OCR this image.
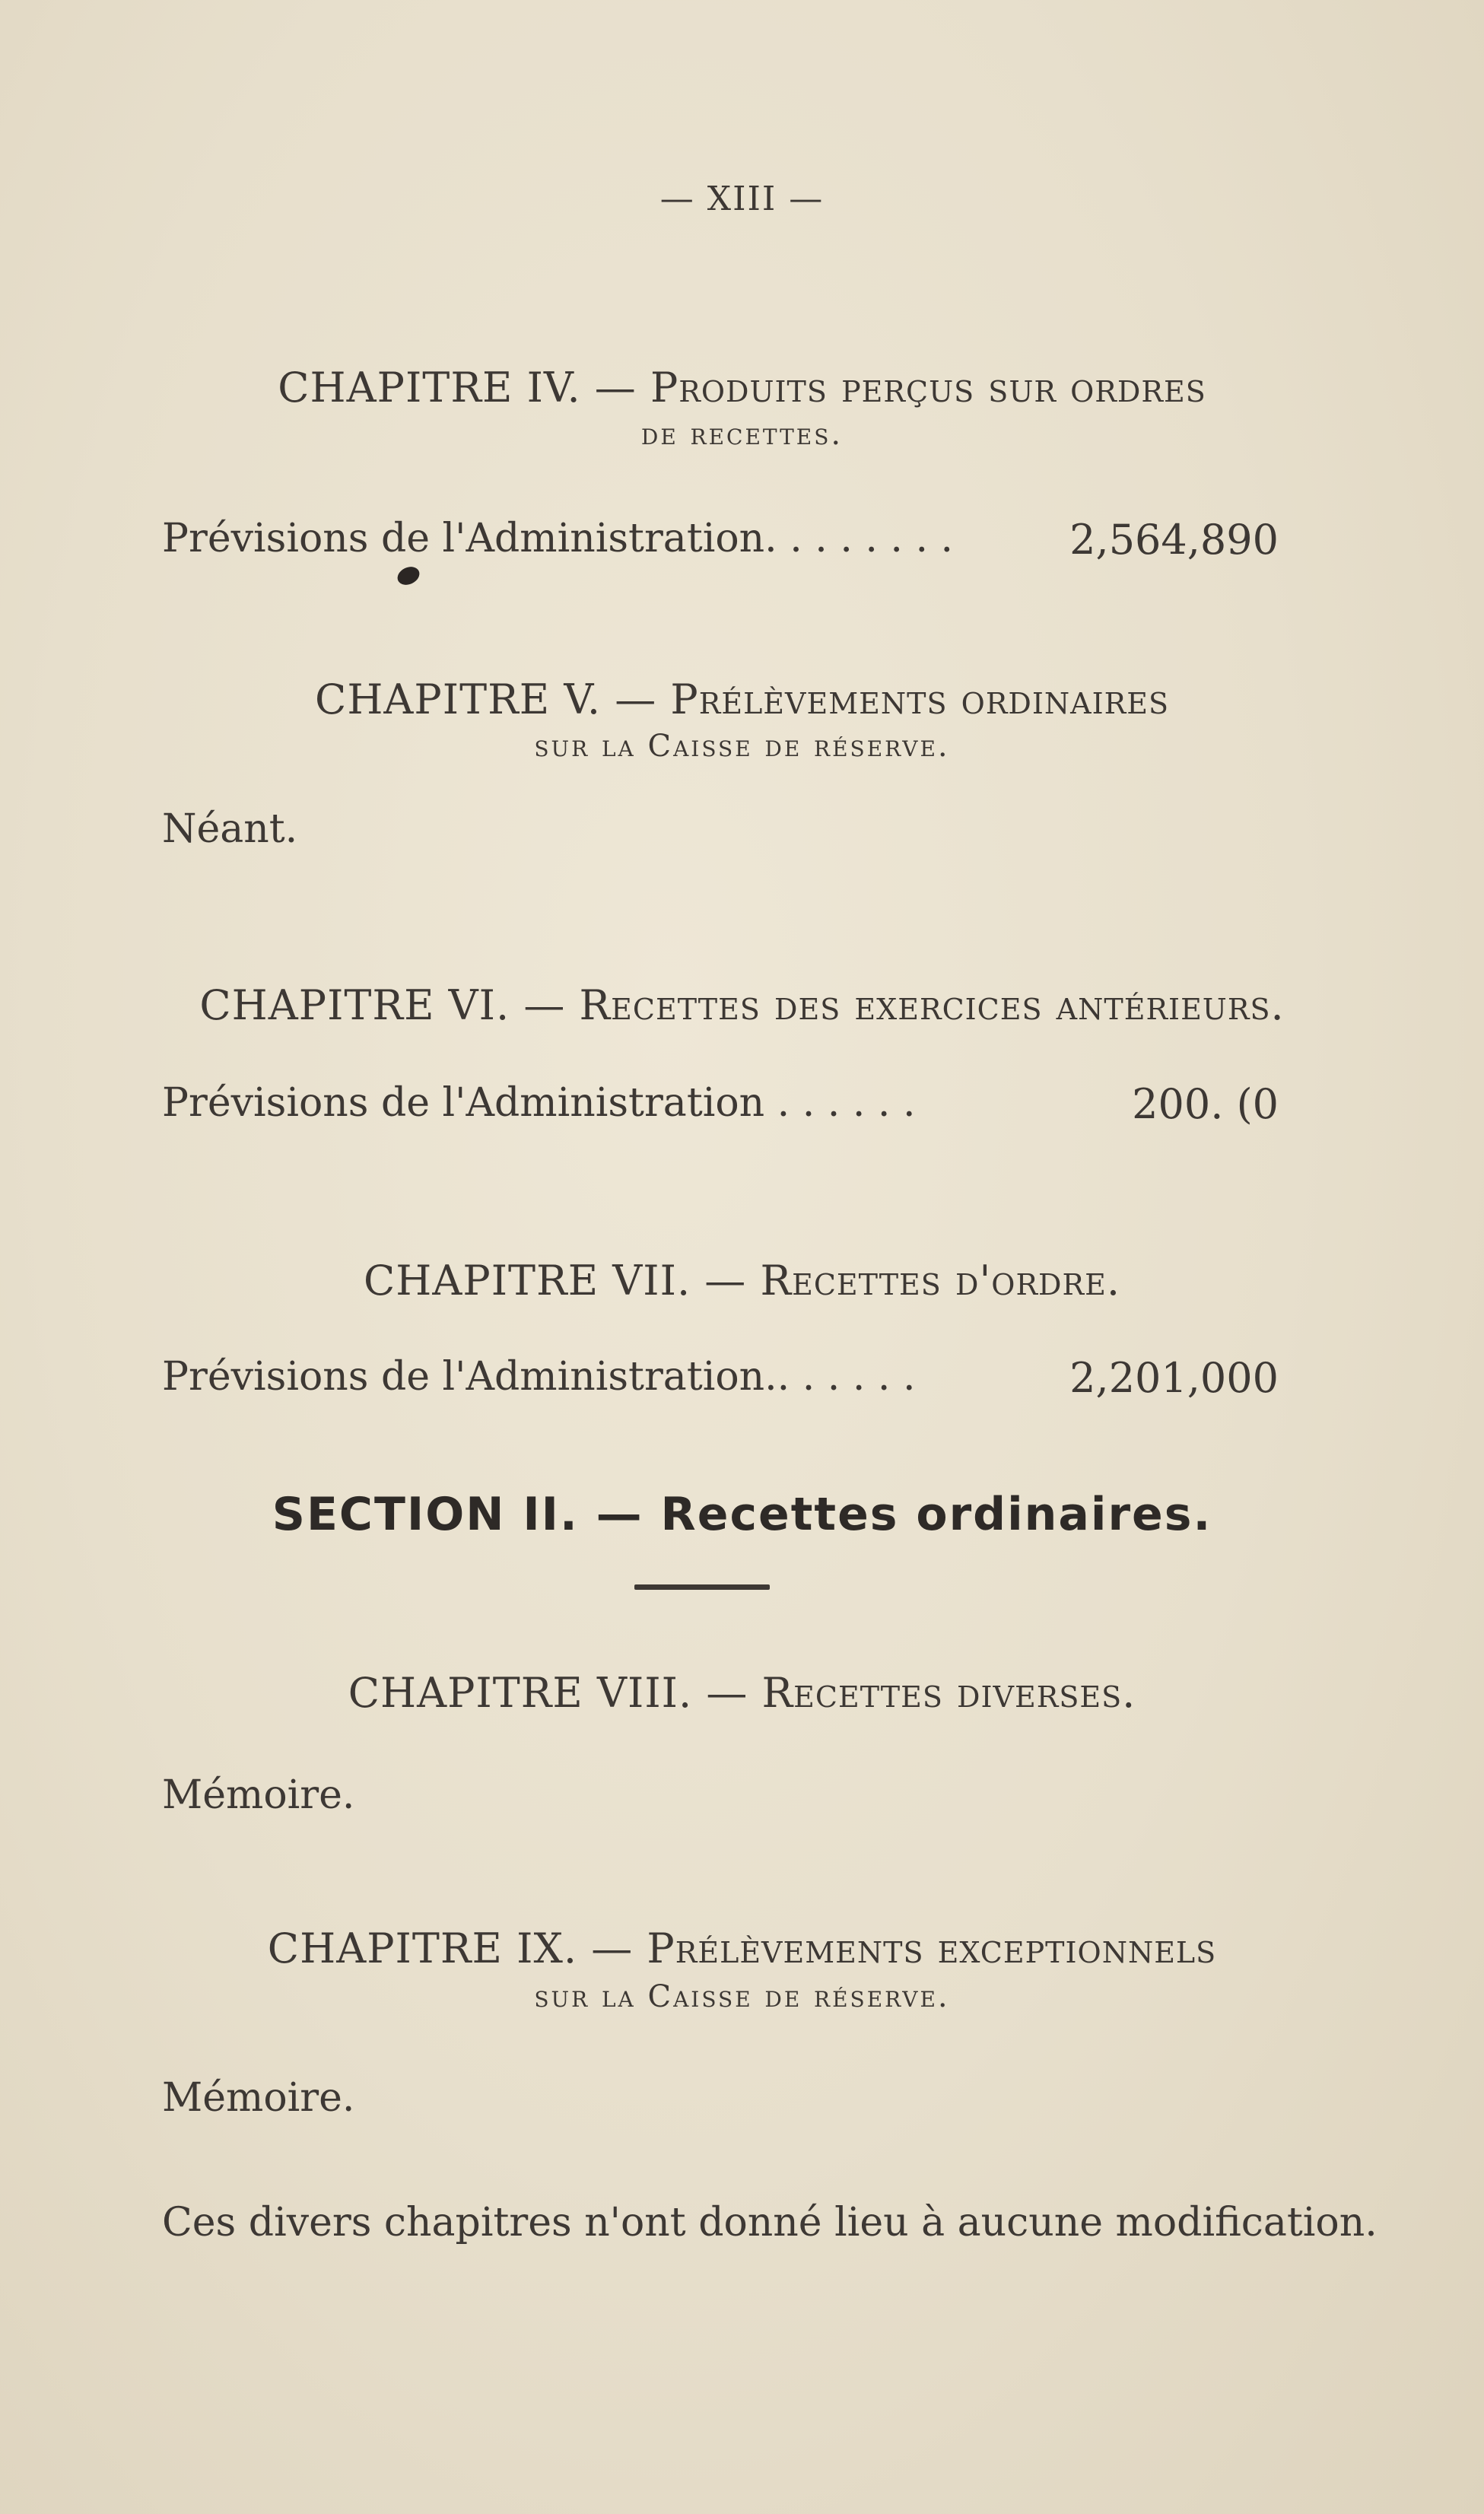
— XIII —
CHAPITRE IV. — Produits perçus sur ordres
de recettes.
Prévisions de l'Administration. . . . . . . .	2,564,890
CHAPITRE V. — Prélèvements ordinaires
sur la Caisse de réserve.
Néant.
CHAPITRE VI. — Recettes des exercices antérieurs.
Prévisions de l'Administration . . . . . .	200. (0
CHAPITRE VII. — Recettes d'ordre.
Prévisions de l'Administration.. . . . . .	2,201,000
SECTION II. — Recettes ordinaires.
CHAPITRE VIII. — Recettes diverses.
Mémoire.
CHAPITRE IX. — Prélèvements exceptionnels
sur la Caisse de réserve.
Mémoire.
Ces divers chapitres n'ont donné lieu à aucune modification.
